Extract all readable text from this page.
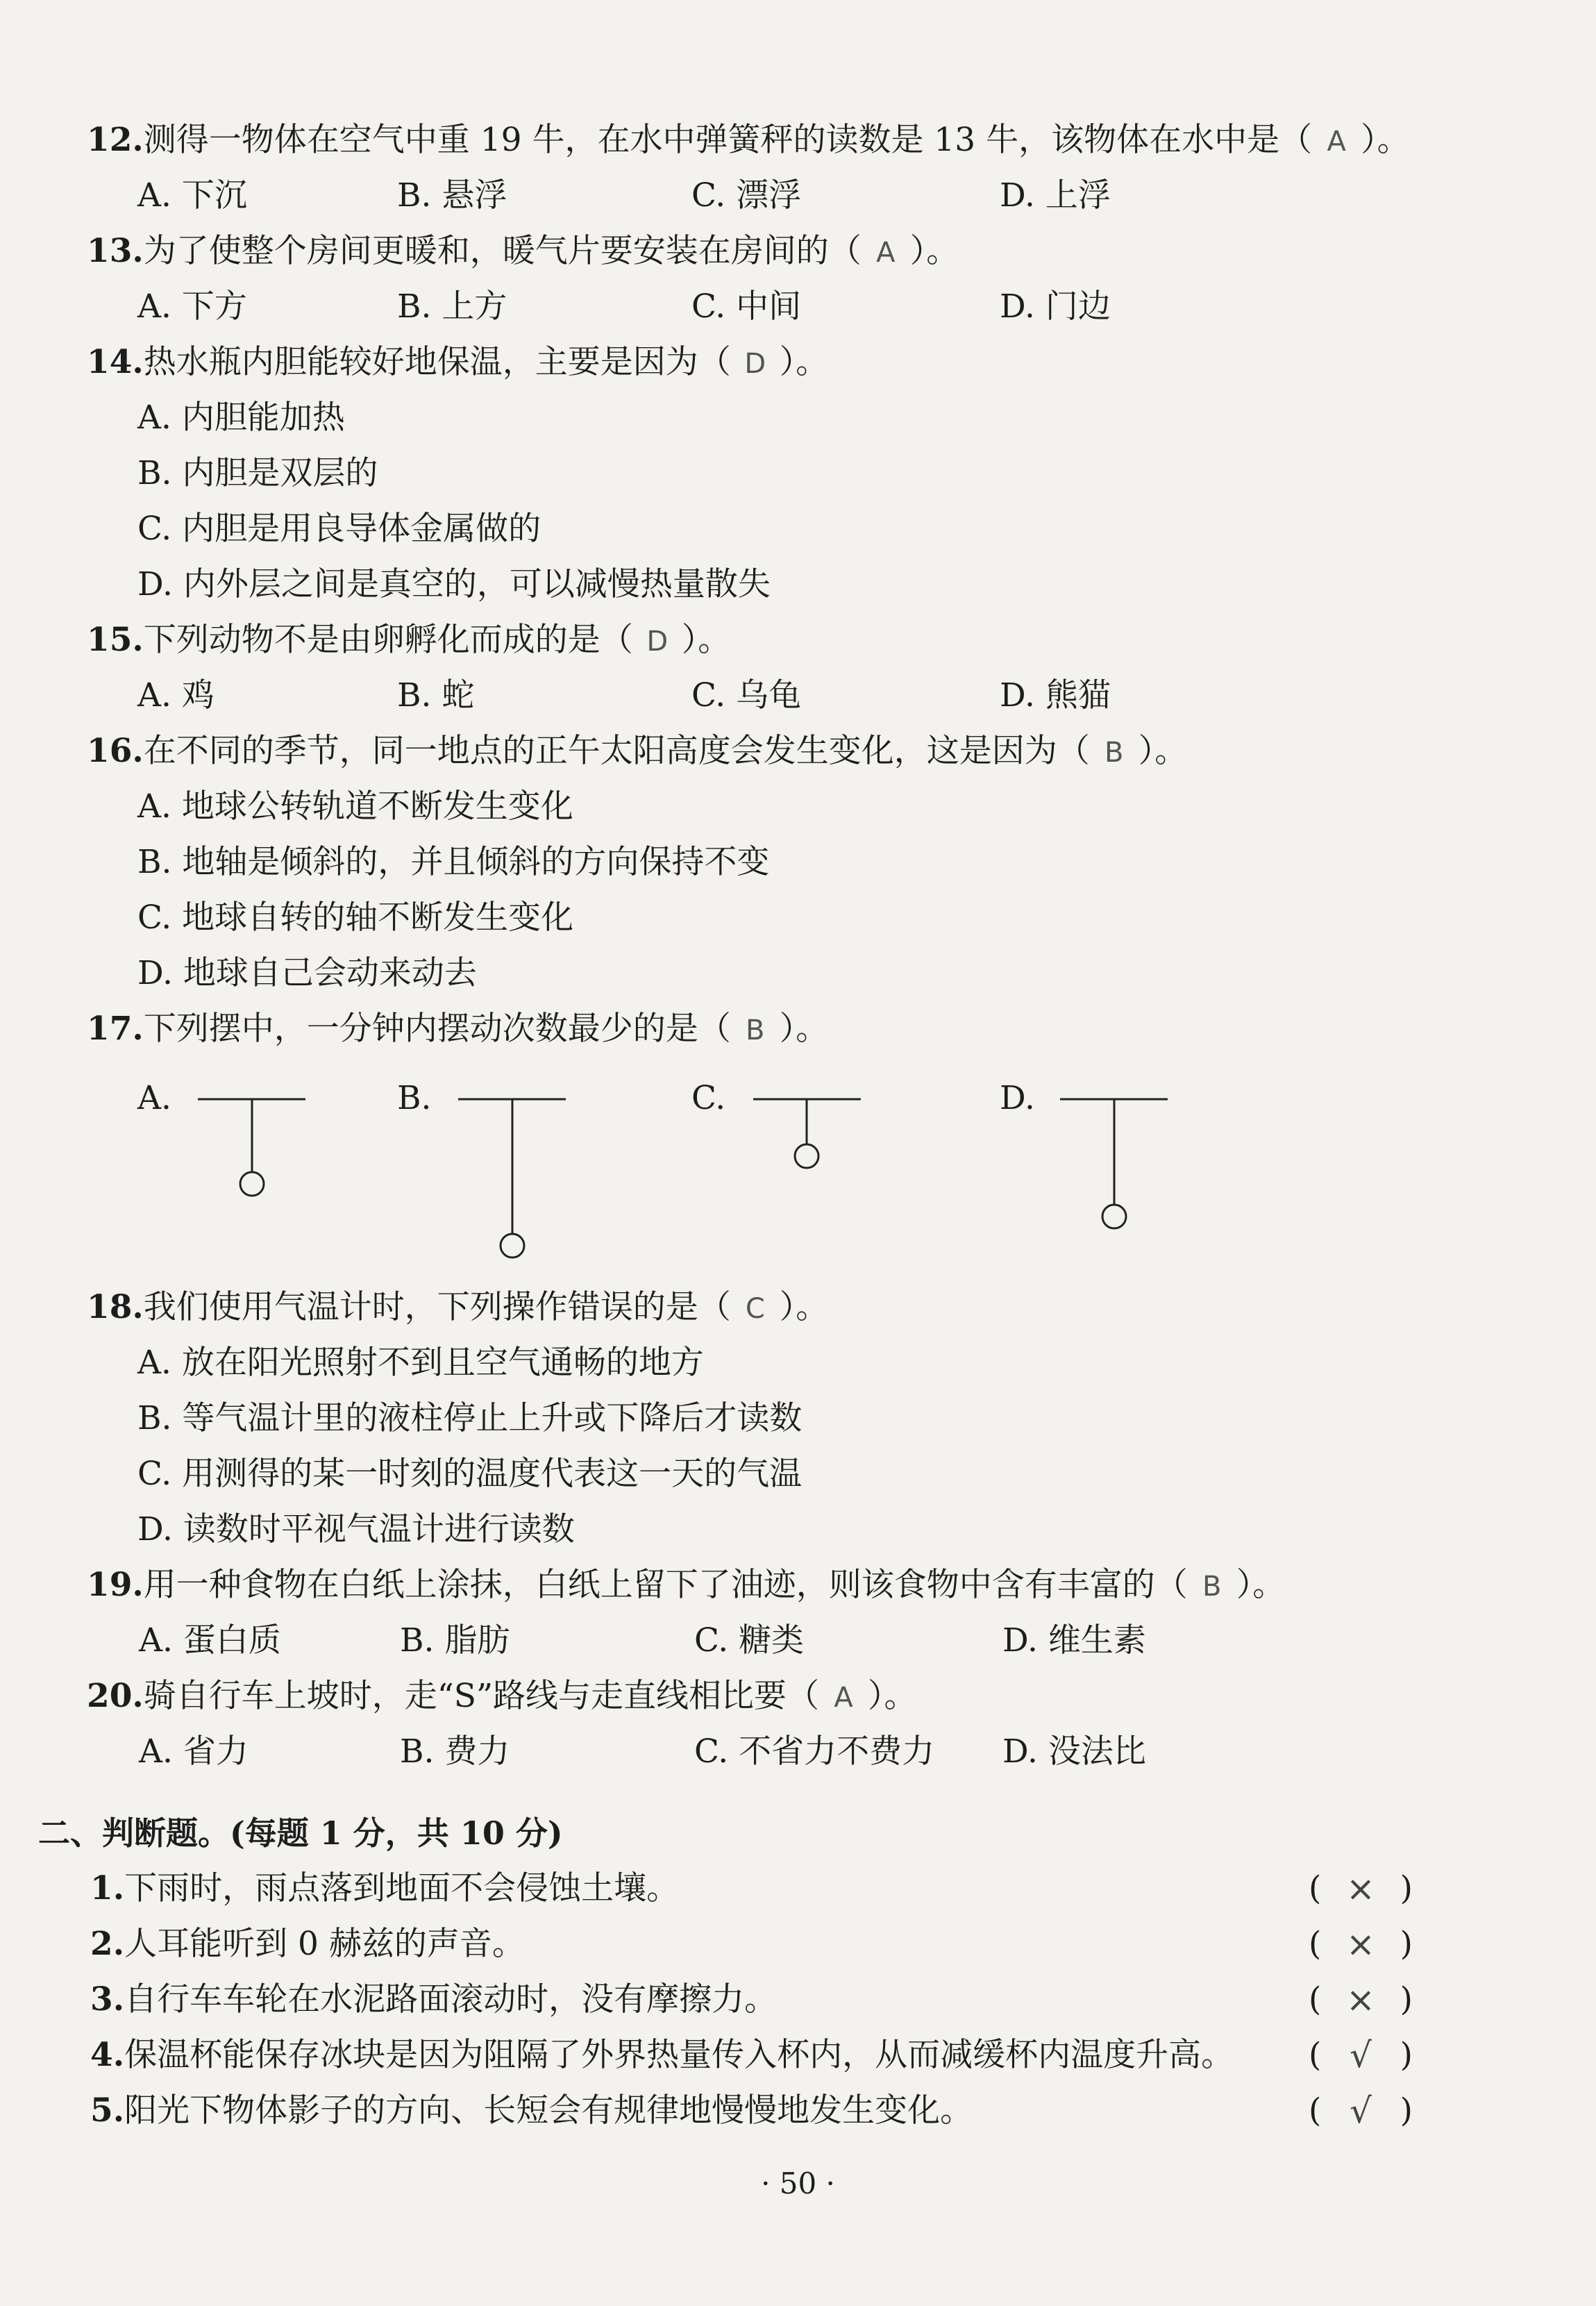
12.测得一物体在空气中重 19 牛，在水中弹簧秤的读数是 13 牛，该物体在水中是（ A ）。
A. 下沉	B. 悬浮	C. 漂浮	D. 上浮
13.为了使整个房间更暖和，暖气片要安装在房间的（ A ）。
A. 下方	B. 上方	C. 中间	D. 门边
14.热水瓶内胆能较好地保温，主要是因为（ D ）。
A. 内胆能加热
B. 内胆是双层的
C. 内胆是用良导体金属做的
D. 内外层之间是真空的，可以减慢热量散失
15.下列动物不是由卵孵化而成的是（ D ）。
A. 鸡	B. 蛇	C. 乌龟	D. 熊猫
16.在不同的季节，同一地点的正午太阳高度会发生变化，这是因为（ B ）。
A. 地球公转轨道不断发生变化
B. 地轴是倾斜的，并且倾斜的方向保持不变
C. 地球自转的轴不断发生变化
D. 地球自己会动来动去
17.下列摆中，一分钟内摆动次数最少的是（ B ）。
A.	B.	C.	D.
18.我们使用气温计时，下列操作错误的是（ C ）。
A. 放在阳光照射不到且空气通畅的地方
B. 等气温计里的液柱停止上升或下降后才读数
C. 用测得的某一时刻的温度代表这一天的气温
D. 读数时平视气温计进行读数
19.用一种食物在白纸上涂抹，白纸上留下了油迹，则该食物中含有丰富的（ B ）。
A. 蛋白质	B. 脂肪	C. 糖类	D. 维生素
20.骑自行车上坡时，走“S”路线与走直线相比要（ A ）。
A. 省力	B. 费力	C. 不省力不费力 D. 没法比
二、判断题。(每题 1 分，共 10 分)
1.下雨时，雨点落到地面不会侵蚀土壤。	( × )
2.人耳能听到 0 赫兹的声音。	( × )
3.自行车车轮在水泥路面滚动时，没有摩擦力。	( × )
4.保温杯能保存冰块是因为阻隔了外界热量传入杯内，从而减缓杯内温度升高。 ( √ )
5.阳光下物体影子的方向、长短会有规律地慢慢地发生变化。	( √ )
· 50 ·
